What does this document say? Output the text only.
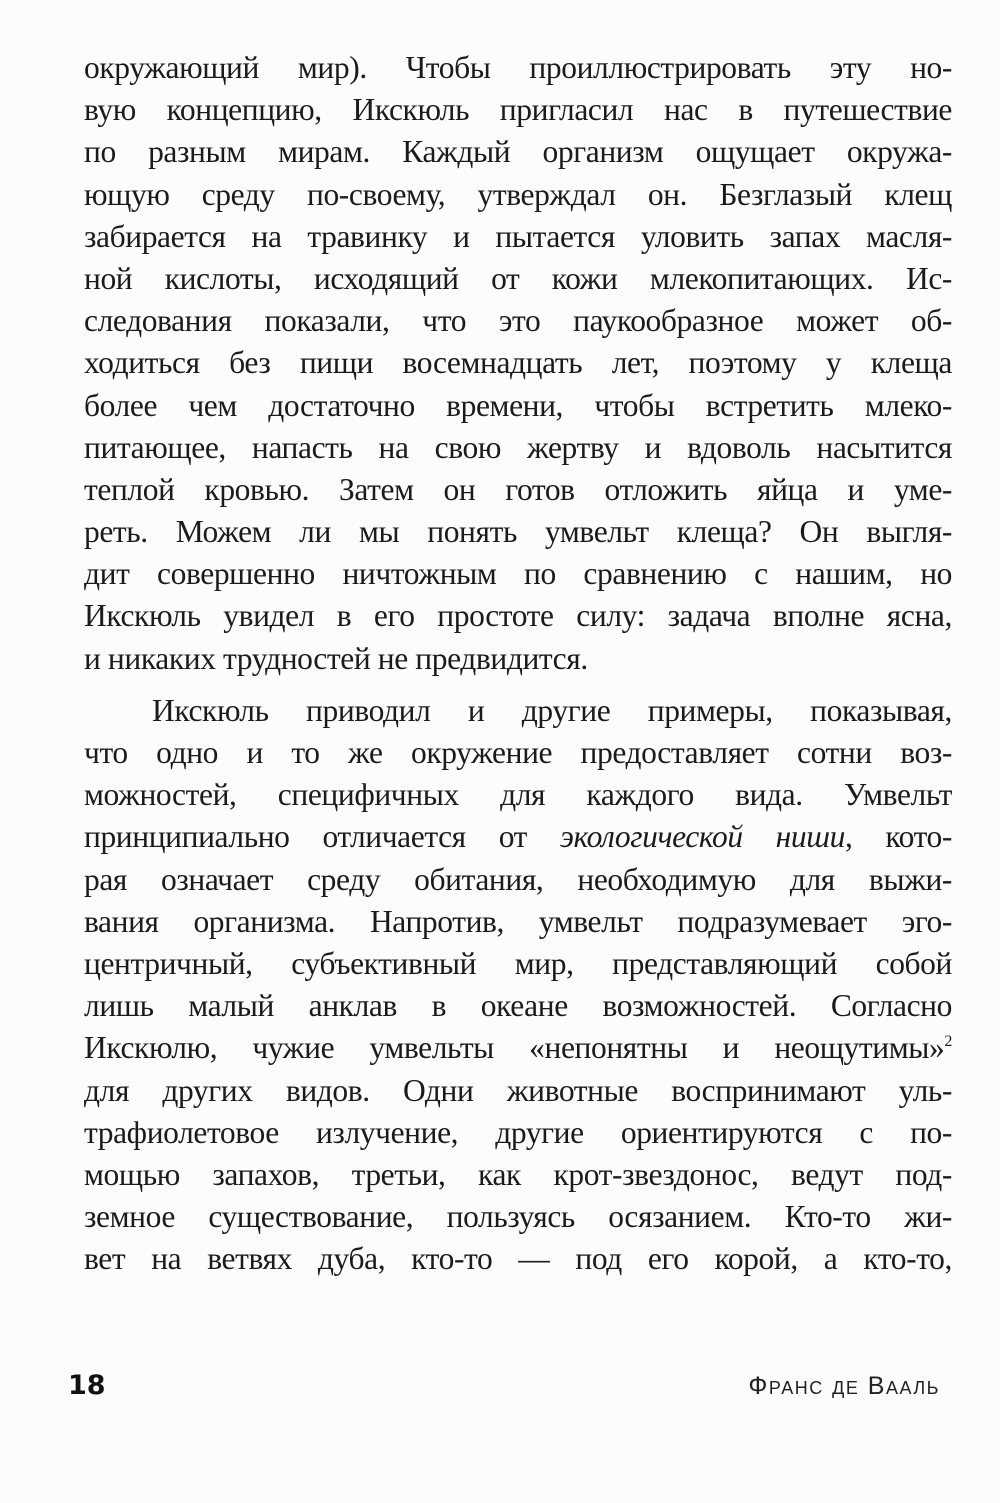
окружающий мир). Чтобы проиллюстрировать эту но-
вую концепцию, Икскюль пригласил нас в путешествие
по разным мирам. Каждый организм ощущает окружа-
ющую среду по-своему, утверждал он. Безглазый клещ
забирается на травинку и пытается уловить запах масля-
ной кислоты, исходящий от кожи млекопитающих. Ис-
следования показали, что это паукообразное может об-
ходиться без пищи восемнадцать лет, поэтому у клеща
более чем достаточно времени, чтобы встретить млеко-
питающее, напасть на свою жертву и вдоволь насытится
теплой кровью. Затем он готов отложить яйца и уме-
реть. Можем ли мы понять умвельт клеща? Он выгля-
дит совершенно ничтожным по сравнению с нашим, но
Икскюль увидел в его простоте силу: задача вполне ясна,
и никаких трудностей не предвидится.
Икскюль приводил и другие примеры, показывая,
что одно и то же окружение предоставляет сотни воз-
можностей, специфичных для каждого вида. Умвельт
принципиально отличается от экологической ниши, кото-
рая означает среду обитания, необходимую для выжи-
вания организма. Напротив, умвельт подразумевает эго-
центричный, субъективный мир, представляющий собой
лишь малый анклав в океане возможностей. Согласно
Икскюлю, чужие умвельты «непонятны и неощутимы»$^2$
для других видов. Одни животные воспринимают уль-
трафиолетовое излучение, другие ориентируются с по-
мощью запахов, третьи, как крот-звездонос, ведут под-
земное существование, пользуясь осязанием. Кто-то жи-
вет на ветвях дуба, кто-то — под его корой, а кто-то,
18	Франс де Вааль
